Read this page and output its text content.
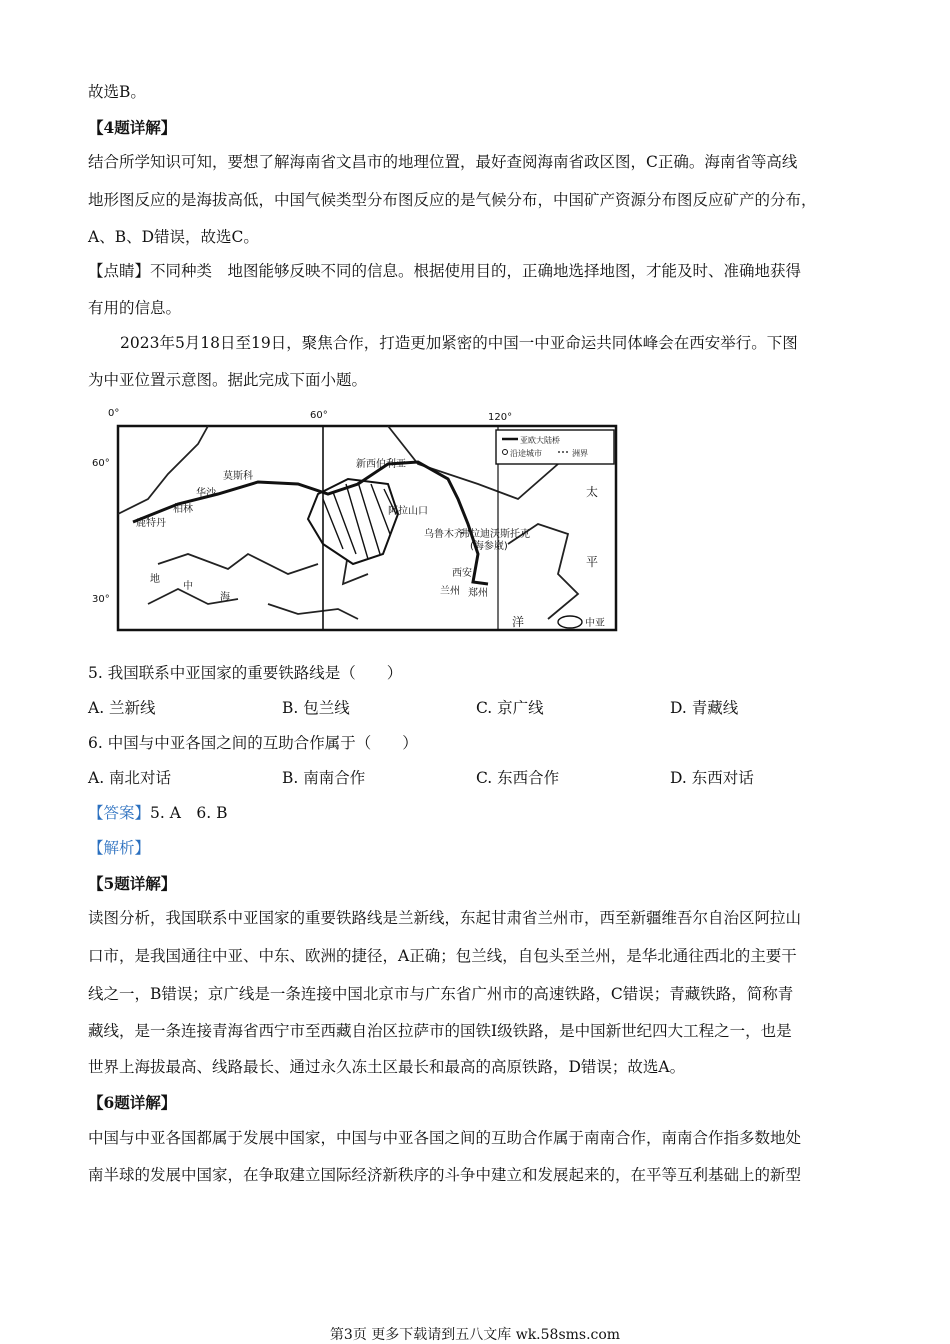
故选B。
【4题详解】
结合所学知识可知，要想了解海南省文昌市的地理位置，最好查阅海南省政区图，C正确。海南省等高线
地形图反应的是海拔高低，中国气候类型分布图反应的是气候分布，中国矿产资源分布图反应矿产的分布，
A、B、D错误，故选C。
【点睛】不同种类　地图能够反映不同的信息。根据使用目的，正确地选择地图，才能及时、准确地获得
有用的信息。
2023年5月18日至19日，聚焦合作，打造更加紧密的中国一中亚命运共同体峰会在西安举行。下图
为中亚位置示意图。据此完成下面小题。
0°	60°	120°
60°
30°
莫斯科
华沙
柏林
鹿特丹
新西伯利亚
乌鲁木齐
阿拉山口
弗拉迪沃斯托克
(海参崴)
西安
兰州 郑州
地
中
海
太
平
洋	中亚
亚欧大陆桥
沿途城市	洲界
5. 我国联系中亚国家的重要铁路线是（　　）
A. 兰新线	B. 包兰线	C. 京广线	D. 青藏线
6. 中国与中亚各国之间的互助合作属于（　　）
A. 南北对话	B. 南南合作	C. 东西合作	D. 东西对话
【答案】5. A　6. B
【解析】
【5题详解】
读图分析，我国联系中亚国家的重要铁路线是兰新线，东起甘肃省兰州市，西至新疆维吾尔自治区阿拉山
口市，是我国通往中亚、中东、欧洲的捷径，A正确；包兰线，自包头至兰州，是华北通往西北的主要干
线之一，B错误；京广线是一条连接中国北京市与广东省广州市的高速铁路，C错误；青藏铁路，简称青
藏线，是一条连接青海省西宁市至西藏自治区拉萨市的国铁Ⅰ级铁路，是中国新世纪四大工程之一，也是
世界上海拔最高、线路最长、通过永久冻土区最长和最高的高原铁路，D错误；故选A。
【6题详解】
中国与中亚各国都属于发展中国家，中国与中亚各国之间的互助合作属于南南合作，南南合作指多数地处
南半球的发展中国家，在争取建立国际经济新秩序的斗争中建立和发展起来的，在平等互利基础上的新型
第3页 更多下载请到五八文库 wk.58sms.com
